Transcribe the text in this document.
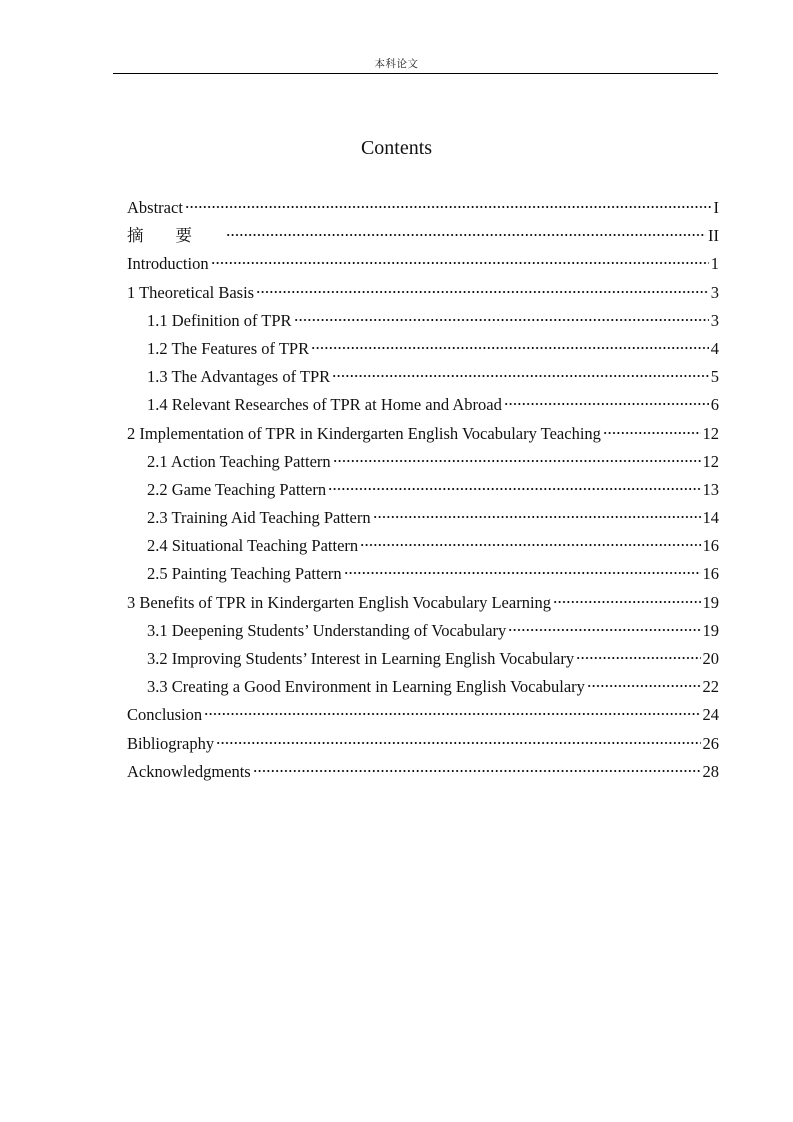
本科论文
Contents
Abstract	I
摘要	II
Introduction	1
1 Theoretical Basis	3
1.1 Definition of TPR	3
1.2 The Features of TPR	4
1.3 The Advantages of TPR	5
1.4 Relevant Researches of TPR at Home and Abroad	6
2 Implementation of TPR in Kindergarten English Vocabulary Teaching	12
2.1 Action Teaching Pattern	12
2.2 Game Teaching Pattern	13
2.3 Training Aid Teaching Pattern	14
2.4 Situational Teaching Pattern	16
2.5 Painting Teaching Pattern	16
3 Benefits of TPR in Kindergarten English Vocabulary Learning	19
3.1 Deepening Students’ Understanding of Vocabulary	19
3.2 Improving Students’ Interest in Learning English Vocabulary	20
3.3 Creating a Good Environment in Learning English Vocabulary	22
Conclusion	24
Bibliography	26
Acknowledgments	28
